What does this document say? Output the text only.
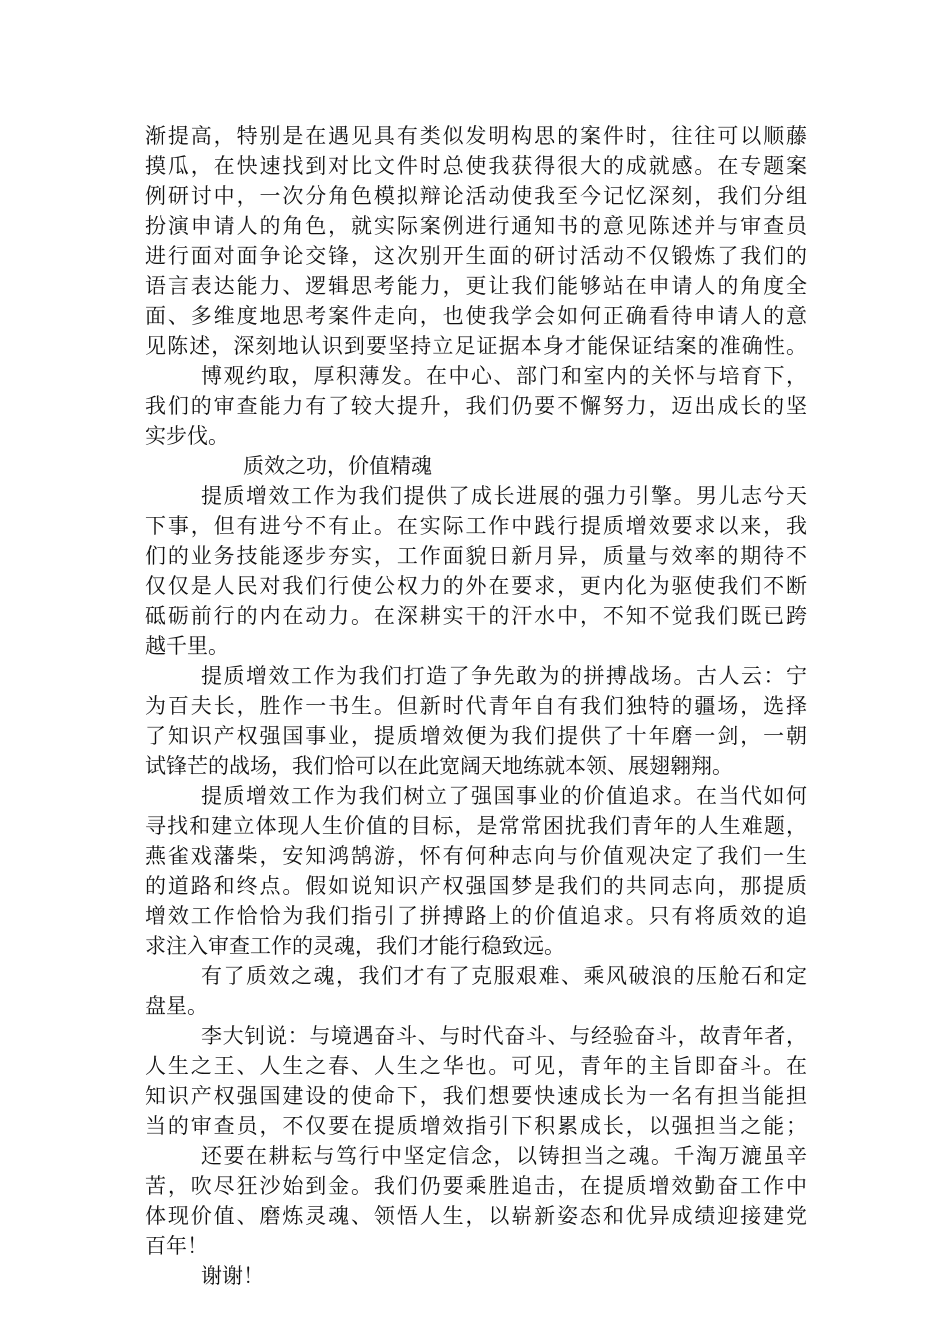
渐提高，特别是在遇见具有类似发明构思的案件时，往往可以顺藤
摸瓜，在快速找到对比文件时总使我获得很大的成就感。在专题案
例研讨中，一次分角色模拟辩论活动使我至今记忆深刻，我们分组
扮演申请人的角色，就实际案例进行通知书的意见陈述并与审查员
进行面对面争论交锋，这次别开生面的研讨活动不仅锻炼了我们的
语言表达能力、逻辑思考能力，更让我们能够站在申请人的角度全
面、多维度地思考案件走向，也使我学会如何正确看待申请人的意
见陈述，深刻地认识到要坚持立足证据本身才能保证结案的准确性。
博观约取，厚积薄发。在中心、部门和室内的关怀与培育下，
我们的审查能力有了较大提升，我们仍要不懈努力，迈出成长的坚
实步伐。
质效之功，价值精魂
提质增效工作为我们提供了成长进展的强力引擎。男儿志兮天
下事，但有进兮不有止。在实际工作中践行提质增效要求以来，我
们的业务技能逐步夯实，工作面貌日新月异，质量与效率的期待不
仅仅是人民对我们行使公权力的外在要求，更内化为驱使我们不断
砥砺前行的内在动力。在深耕实干的汗水中，不知不觉我们既已跨
越千里。
提质增效工作为我们打造了争先敢为的拼搏战场。古人云：宁
为百夫长，胜作一书生。但新时代青年自有我们独特的疆场，选择
了知识产权强国事业，提质增效便为我们提供了十年磨一剑，一朝
试锋芒的战场，我们恰可以在此宽阔天地练就本领、展翅翱翔。
提质增效工作为我们树立了强国事业的价值追求。在当代如何
寻找和建立体现人生价值的目标，是常常困扰我们青年的人生难题，
燕雀戏藩柴，安知鸿鹄游，怀有何种志向与价值观决定了我们一生
的道路和终点。假如说知识产权强国梦是我们的共同志向，那提质
增效工作恰恰为我们指引了拼搏路上的价值追求。只有将质效的追
求注入审查工作的灵魂，我们才能行稳致远。
有了质效之魂，我们才有了克服艰难、乘风破浪的压舱石和定
盘星。
李大钊说：与境遇奋斗、与时代奋斗、与经验奋斗，故青年者，
人生之王、人生之春、人生之华也。可见，青年的主旨即奋斗。在
知识产权强国建设的使命下，我们想要快速成长为一名有担当能担
当的审查员，不仅要在提质增效指引下积累成长，以强担当之能；
还要在耕耘与笃行中坚定信念，以铸担当之魂。千淘万漉虽辛
苦，吹尽狂沙始到金。我们仍要乘胜追击，在提质增效勤奋工作中
体现价值、磨炼灵魂、领悟人生，以崭新姿态和优异成绩迎接建党
百年！
谢谢！
